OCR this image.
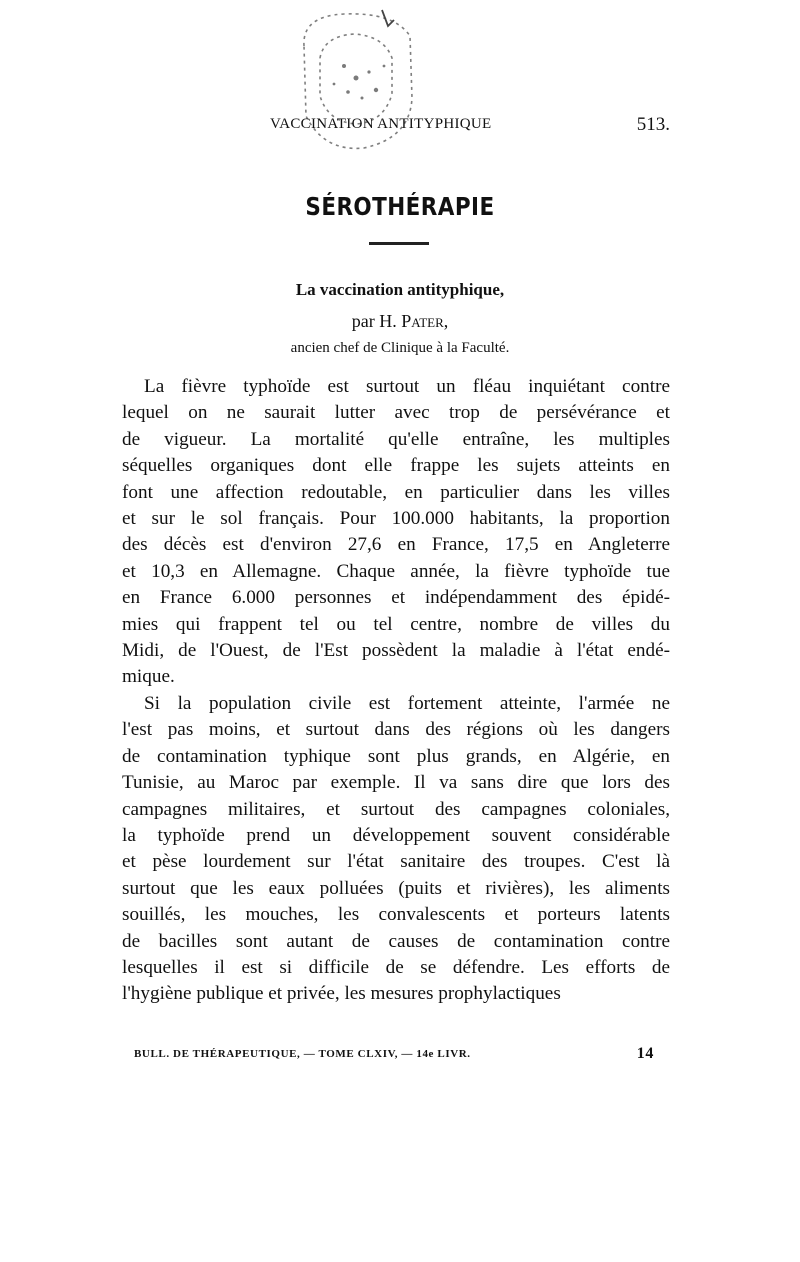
VACCINATION ANTITYPHIQUE	513.
SÉROTHÉRAPIE
La vaccination antityphique,
par H. Pater,
ancien chef de Clinique à la Faculté.

La fièvre typhoïde est surtout un fléau inquiétant contre
lequel on ne saurait lutter avec trop de persévérance et
de vigueur. La mortalité qu'elle entraîne, les multiples
séquelles organiques dont elle frappe les sujets atteints en
font une affection redoutable, en particulier dans les villes
et sur le sol français. Pour 100.000 habitants, la proportion
des décès est d'environ 27,6 en France, 17,5 en Angleterre
et 10,3 en Allemagne. Chaque année, la fièvre typhoïde tue
en France 6.000 personnes et indépendamment des épidé-
mies qui frappent tel ou tel centre, nombre de villes du
Midi, de l'Ouest, de l'Est possèdent la maladie à l'état endé-
mique.

Si la population civile est fortement atteinte, l'armée ne
l'est pas moins, et surtout dans des régions où les dangers
de contamination typhique sont plus grands, en Algérie, en
Tunisie, au Maroc par exemple. Il va sans dire que lors des
campagnes militaires, et surtout des campagnes coloniales,
la typhoïde prend un développement souvent considérable
et pèse lourdement sur l'état sanitaire des troupes. C'est là
surtout que les eaux polluées (puits et rivières), les aliments
souillés, les mouches, les convalescents et porteurs latents
de bacilles sont autant de causes de contamination contre
lesquelles il est si difficile de se défendre. Les efforts de
l'hygiène publique et privée, les mesures prophylactiques

BULL. DE THÉRAPEUTIQUE, — TOME CLXIV, — 14e LIVR.	14
